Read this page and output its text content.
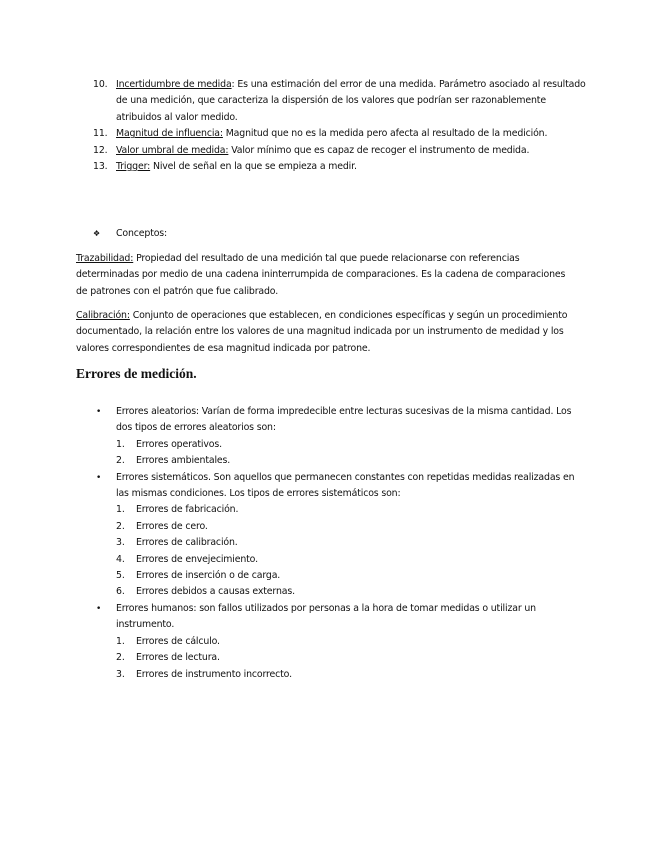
10. Incertidumbre de medida: Es una estimación del error de una medida. Parámetro asociado al resultado de una medición, que caracteriza la dispersión de los valores que podrían ser razonablemente atribuidos al valor medido.
11. Magnitud de influencia: Magnitud que no es la medida pero afecta al resultado de la medición.
12. Valor umbral de medida: Valor mínimo que es capaz de recoger el instrumento de medida.
13. Trigger: Nivel de señal en la que se empieza a medir.
❖ Conceptos:

Trazabilidad: Propiedad del resultado de una medición tal que puede relacionarse con referencias determinadas por medio de una cadena ininterrumpida de comparaciones. Es la cadena de comparaciones de patrones con el patrón que fue calibrado.

Calibración: Conjunto de operaciones que establecen, en condiciones específicas y según un procedimiento documentado, la relación entre los valores de una magnitud indicada por un instrumento de medidad y los valores correspondientes de esa magnitud indicada por patrone.

Errores de medición.
• Errores aleatorios: Varían de forma impredecible entre lecturas sucesivas de la misma cantidad. Los dos tipos de errores aleatorios son:
1. Errores operativos.
2. Errores ambientales.
• Errores sistemáticos. Son aquellos que permanecen constantes con repetidas medidas realizadas en las mismas condiciones. Los tipos de errores sistemáticos son:
1. Errores de fabricación.
2. Errores de cero.
3. Errores de calibración.
4. Errores de envejecimiento.
5. Errores de inserción o de carga.
6. Errores debidos a causas externas.
• Errores humanos: son fallos utilizados por personas a la hora de tomar medidas o utilizar un instrumento.
1. Errores de cálculo.
2. Errores de lectura.
3. Errores de instrumento incorrecto.
